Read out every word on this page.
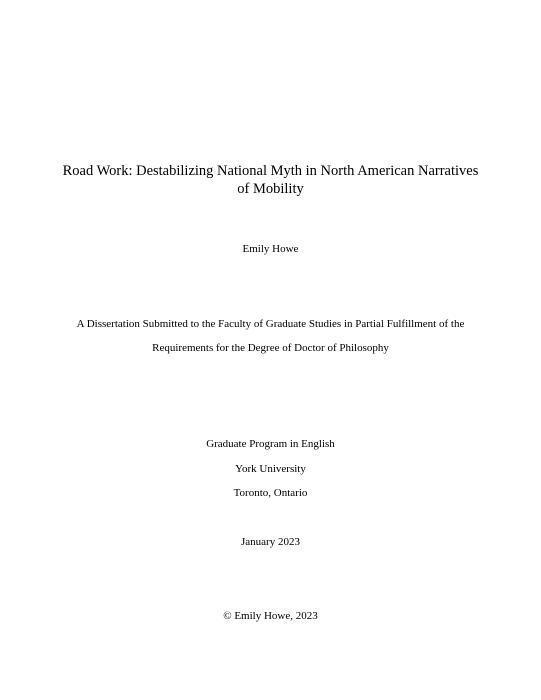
Road Work: Destabilizing National Myth in North American Narratives
of Mobility
Emily Howe
A Dissertation Submitted to the Faculty of Graduate Studies in Partial Fulfillment of the
Requirements for the Degree of Doctor of Philosophy
Graduate Program in English
York University
Toronto, Ontario
January 2023
© Emily Howe, 2023
